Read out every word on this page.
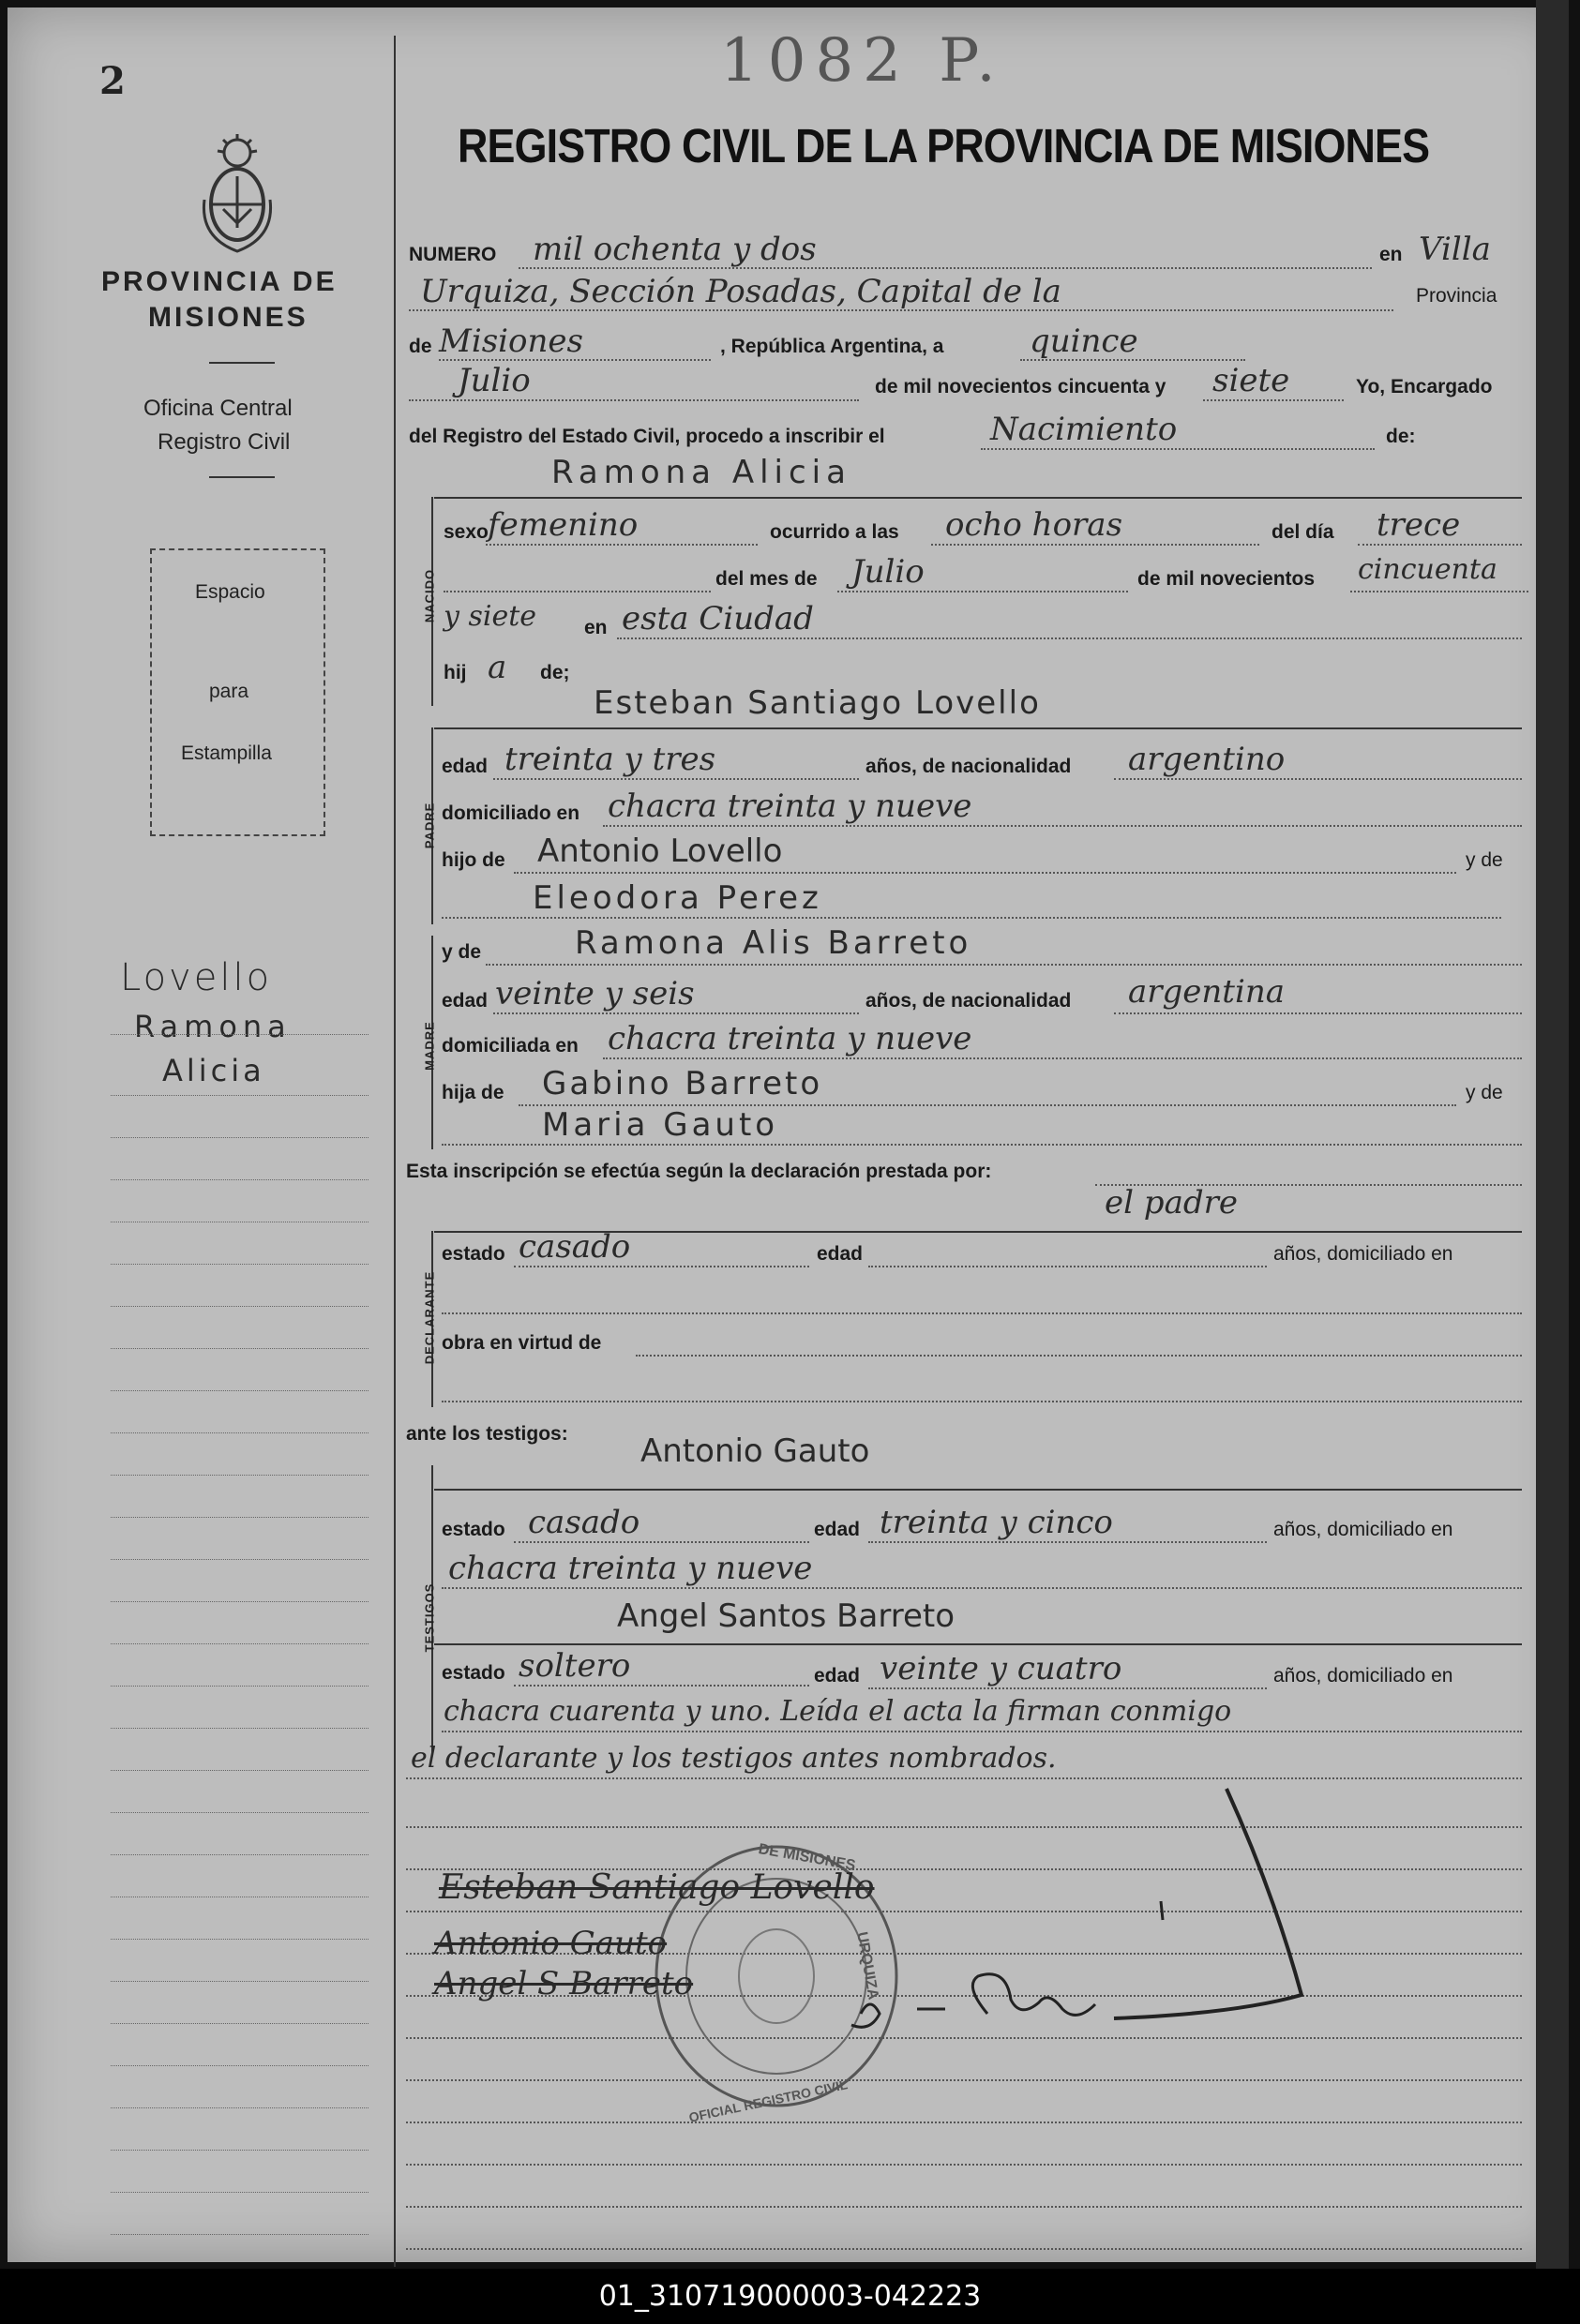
2
PROVINCIA DE
MISIONES
Oficina Central
Registro Civil
Espacio
para
Estampilla
Lovello
Ramona
Alicia
1082 P.
REGISTRO CIVIL DE LA PROVINCIA DE MISIONES
NUMERO mil ochenta y dos	en Villa
Urquiza, Sección Posadas, Capital de la	Provincia
de Misiones	, República Argentina, a	quince
Julio	de mil novecientos cincuenta y siete	Yo, Encargado
del Registro del Estado Civil, procedo a inscribir el	Nacimiento	de:
Ramona Alicia
NACIDO
sexo femenino	ocurrido a las ocho horas	del día trece
del mes de Julio	de mil novecientos cincuenta
y siete en esta Ciudad
hij a de;
Esteban Santiago Lovello
PADRE
edad treinta y tres	años, de nacionalidad argentino
domiciliado en chacra treinta y nueve
hijo de Antonio Lovello	y de
Eleodora Perez
y de	Ramona Alis Barreto
MADRE
edad veinte y seis	años, de nacionalidad argentina
domiciliada en chacra treinta y nueve
hija de Gabino Barreto	y de
Maria Gauto
Esta inscripción se efectúa según la declaración prestada por:
el padre
DECLARANTE
estado casado	edad	años, domiciliado en
obra en virtud de
ante los testigos: Antonio Gauto
TESTIGOS
estado casado	edad treinta y cinco	años, domiciliado en
chacra treinta y nueve
Angel Santos Barreto
estado soltero	edad veinte y cuatro	años, domiciliado en
chacra cuarenta y uno. Leída el acta la firman conmigo
el declarante y los testigos antes nombrados.
DE MISIONES
URQUIZA
OFICIAL REGISTRO CIVIL
Esteban Santiago Lovello
Antonio Gauto
Angel S Barreto
01_310719000003-042223
